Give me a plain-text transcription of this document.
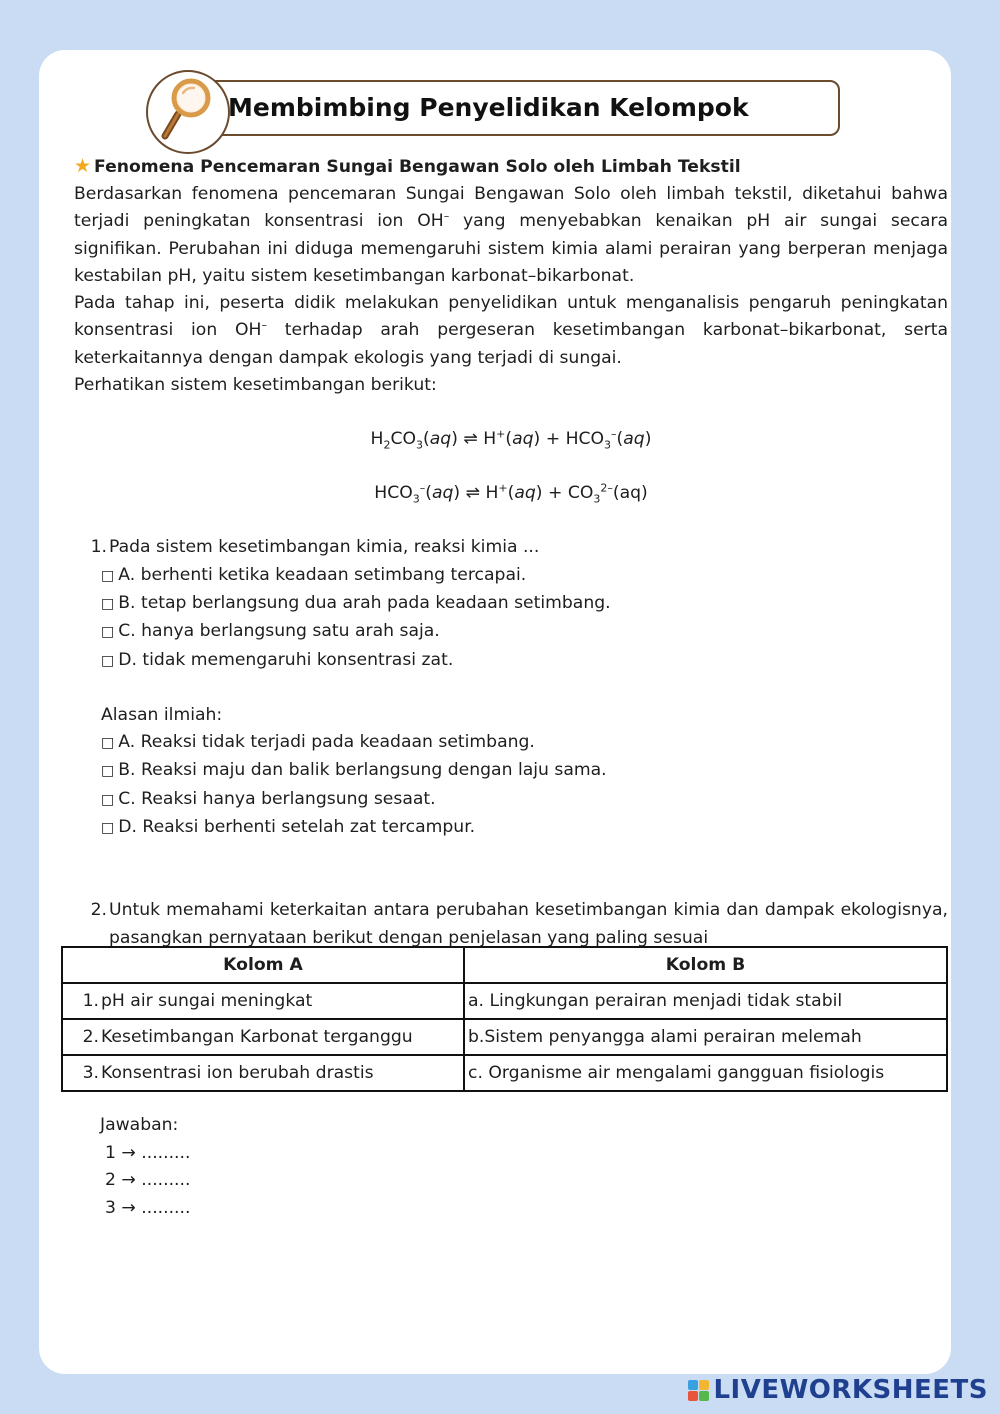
Membimbing Penyelidikan Kelompok
★ Fenomena Pencemaran Sungai Bengawan Solo oleh Limbah Tekstil

Berdasarkan fenomena pencemaran Sungai Bengawan Solo oleh limbah tekstil, diketahui bahwa terjadi peningkatan konsentrasi ion OH– yang menyebabkan kenaikan pH air sungai secara signifikan. Perubahan ini diduga memengaruhi sistem kimia alami perairan yang berperan menjaga kestabilan pH, yaitu sistem kesetimbangan karbonat–bikarbonat.

Pada tahap ini, peserta didik melakukan penyelidikan untuk menganalisis pengaruh peningkatan konsentrasi ion OH– terhadap arah pergeseran kesetimbangan karbonat–bikarbonat, serta keterkaitannya dengan dampak ekologis yang terjadi di sungai.

Perhatikan sistem kesetimbangan berikut:

$H_2CO_3(aq)$ ⇌ $H^+(aq) + HCO_3^-(aq)$
$HCO_3^-(aq)$ ⇌ $H^+(aq) + CO_3^{2-}(aq)$
1. Pada sistem kesetimbangan kimia, reaksi kimia ...
□ A. berhenti ketika keadaan setimbang tercapai.
□ B. tetap berlangsung dua arah pada keadaan setimbang.
□ C. hanya berlangsung satu arah saja.
□ D. tidak memengaruhi konsentrasi zat.
Alasan ilmiah:
□ A. Reaksi tidak terjadi pada keadaan setimbang.
□ B. Reaksi maju dan balik berlangsung dengan laju sama.
□ C. Reaksi hanya berlangsung sesaat.
□ D. Reaksi berhenti setelah zat tercampur.
2. Untuk memahami keterkaitan antara perubahan kesetimbangan kimia dan dampak ekologisnya, pasangkan pernyataan berikut dengan penjelasan yang paling sesuai
Kolom A	Kolom B

1. pH air sungai meningkat	a. Lingkungan perairan menjadi tidak stabil

2. Kesetimbangan Karbonat terganggu	b.Sistem penyangga alami perairan melemah

3. Konsentrasi ion berubah drastis	c. Organisme air mengalami gangguan fisiologis
Jawaban:
1 → .........
2 → .........
3 → .........
LIVEWORKSHEETS
